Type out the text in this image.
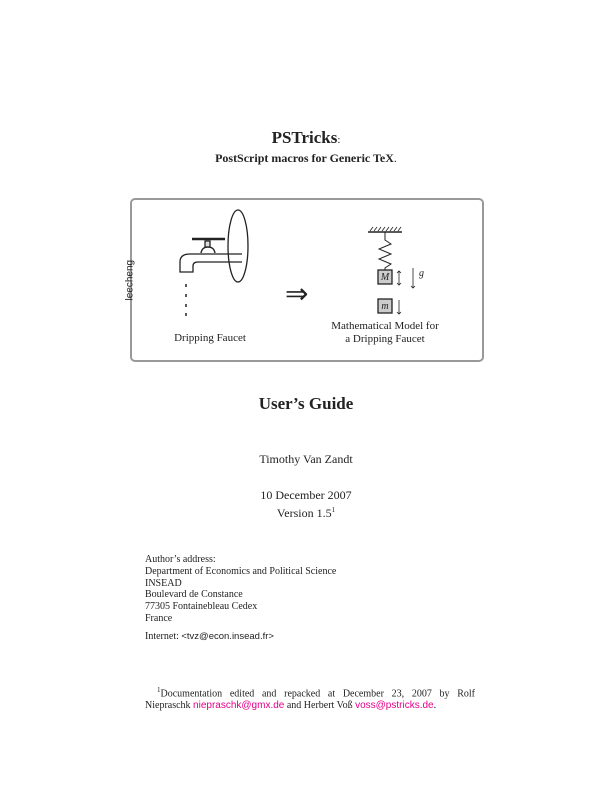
PSTricks:
PostScript macros for Generic TeX.
leecheng	M
m
g
⇒
Dripping Faucet
Mathematical Model for
a Dripping Faucet
User’s Guide
Timothy Van Zandt
10 December 2007
Version $1.5^1$
Author’s address:
Department of Economics and Political Science
INSEAD
Boulevard de Constance
77305 Fontainebleau Cedex
France
Internet: <tvz@econ.insead.fr>
$^1$Documentation edited and repacked at December 23, 2007 by Rolf
Niepraschk niepraschk@gmx.de and Herbert Voß voss@pstricks.de.
